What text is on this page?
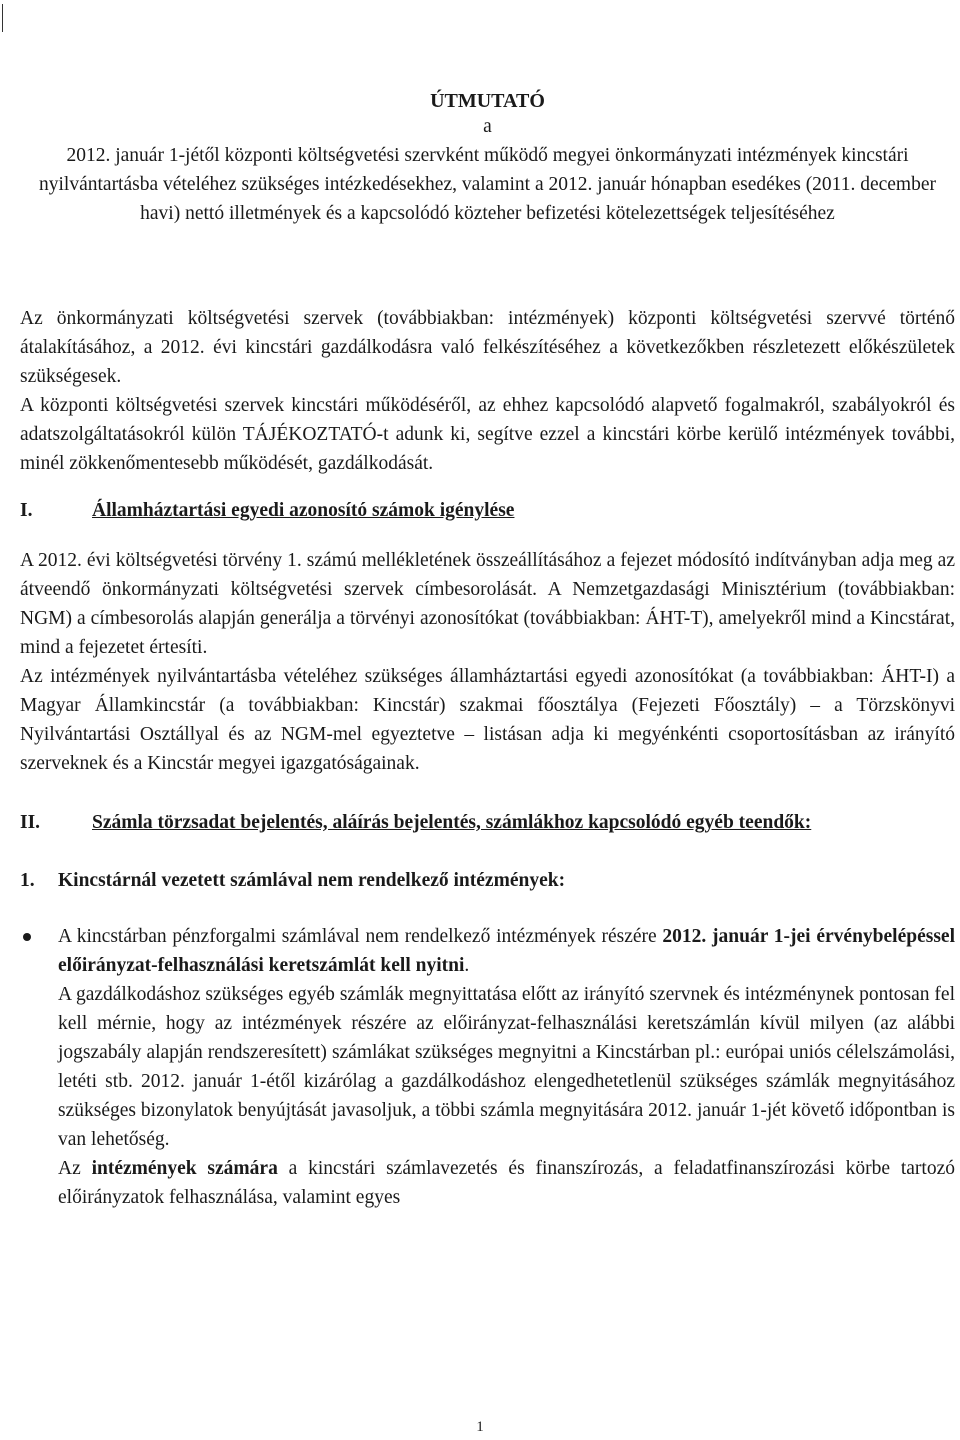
ÚTMUTATÓ
a
2012. január 1-jétől központi költségvetési szervként működő megyei önkormányzati intézmények kincstári nyilvántartásba vételéhez szükséges intézkedésekhez, valamint a 2012. január hónapban esedékes (2011. december havi) nettó illetmények és a kapcsolódó közteher befizetési kötelezettségek teljesítéséhez

Az önkormányzati költségvetési szervek (továbbiakban: intézmények) központi költségvetési szervvé történő átalakításához, a 2012. évi kincstári gazdálkodásra való felkészítéséhez a következőkben részletezett előkészületek szükségesek.

A központi költségvetési szervek kincstári működéséről, az ehhez kapcsolódó alapvető fogalmakról, szabályokról és adatszolgáltatásokról külön TÁJÉKOZTATÓ-t adunk ki, segítve ezzel a kincstári körbe kerülő intézmények további, minél zökkenőmentesebb működését, gazdálkodását.

I.	Államháztartási egyedi azonosító számok igénylése

A 2012. évi költségvetési törvény 1. számú mellékletének összeállításához a fejezet módosító indítványban adja meg az átveendő önkormányzati költségvetési szervek címbesorolását. A Nemzetgazdasági Minisztérium (továbbiakban: NGM) a címbesorolás alapján generálja a törvényi azonosítókat (továbbiakban: ÁHT-T), amelyekről mind a Kincstárat, mind a fejezetet értesíti.

Az intézmények nyilvántartásba vételéhez szükséges államháztartási egyedi azonosítókat (a továbbiakban: ÁHT-I) a Magyar Államkincstár (a továbbiakban: Kincstár) szakmai főosztálya (Fejezeti Főosztály) – a Törzskönyvi Nyilvántartási Osztállyal és az NGM-mel egyeztetve – listásan adja ki megyénkénti csoportosításban az irányító szerveknek és a Kincstár megyei igazgatóságainak.

II.	Számla törzsadat bejelentés, aláírás bejelentés, számlákhoz kapcsolódó egyéb teendők:
1.	Kincstárnál vezetett számlával nem rendelkező intézmények:

A kincstárban pénzforgalmi számlával nem rendelkező intézmények részére 2012. január 1-jei érvénybelépéssel előirányzat-felhasználási keretszámlát kell nyitni.

A gazdálkodáshoz szükséges egyéb számlák megnyittatása előtt az irányító szervnek és intézménynek pontosan fel kell mérnie, hogy az intézmények részére az előirányzat-felhasználási keretszámlán kívül milyen (az alábbi jogszabály alapján rendszeresített) számlákat szükséges megnyitni a Kincstárban pl.: európai uniós célelszámolási, letéti stb. 2012. január 1-étől kizárólag a gazdálkodáshoz elengedhetetlenül szükséges számlák megnyitásához szükséges bizonylatok benyújtását javasoljuk, a többi számla megnyitására 2012. január 1-jét követő időpontban is van lehetőség.

Az intézmények számára a kincstári számlavezetés és finanszírozás, a feladatfinanszírozási körbe tartozó előirányzatok felhasználása, valamint egyes

1
